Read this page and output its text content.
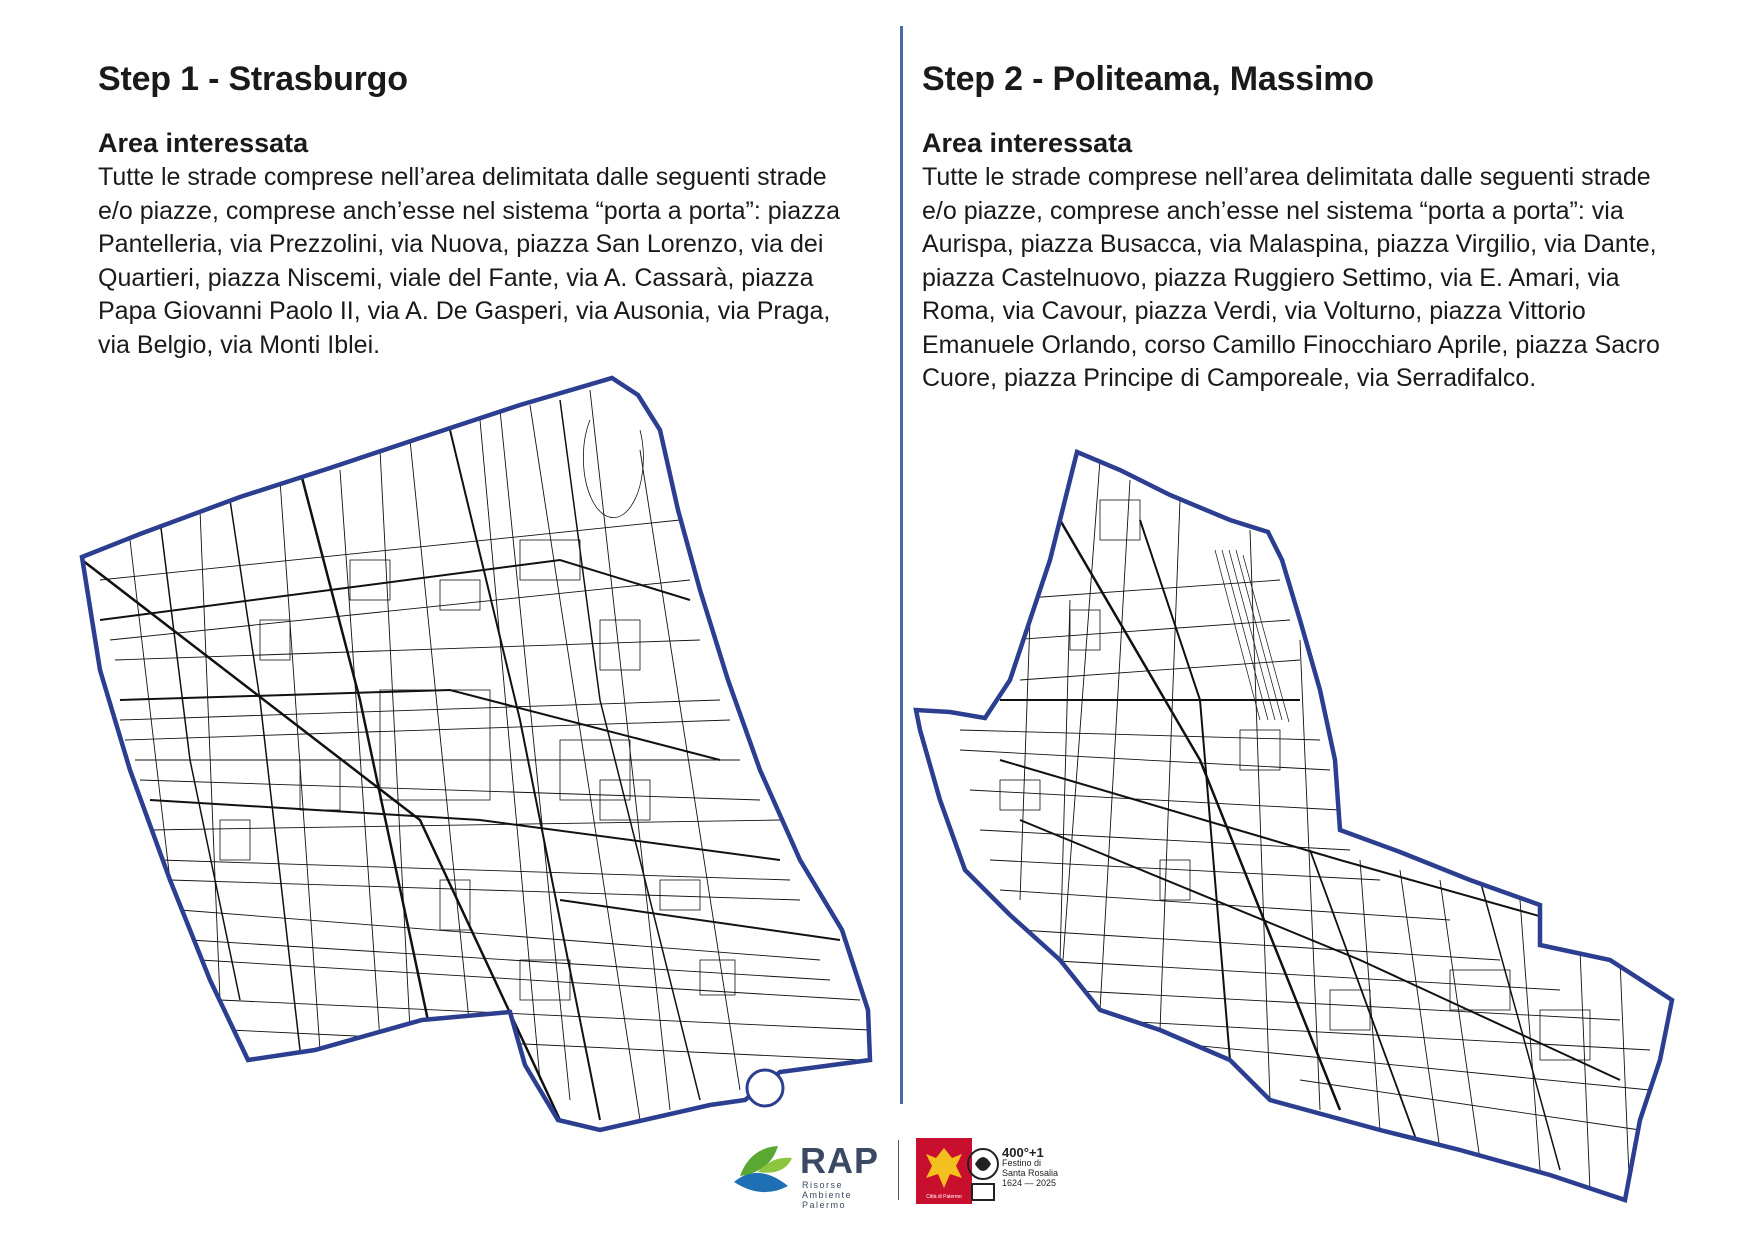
Step 1 - Strasburgo
Area interessata
Tutte le strade comprese nell’area delimitata dalle seguenti strade e/o piazze, comprese anch’esse nel sistema “porta a porta”: piazza Pantelleria, via Prezzolini, via Nuova, piazza San Lorenzo, via dei Quartieri, piazza Niscemi, viale del Fante, via A. Cassarà, piazza Papa Giovanni Paolo II, via A. De Gasperi, via Ausonia, via Praga, via Belgio, via Monti Iblei.
Step 2 - Politeama, Massimo
Area interessata
Tutte le strade comprese nell’area delimitata dalle seguenti strade e/o piazze, comprese anch’esse nel sistema “porta a porta”: via Aurispa, piazza Busacca, via Malaspina, piazza Virgilio, via Dante, piazza Castelnuovo, piazza Ruggiero Settimo, via E. Amari, via Roma, via Cavour, piazza Verdi, via Volturno, piazza Vittorio Emanuele Orlando, corso Camillo Finocchiaro Aprile, piazza Sacro Cuore, piazza Principe di Camporeale, via Serradifalco.
RAP
Risorse Ambiente Palermo
Città di Palermo
400°+1
Festino di Santa Rosalia
1624 — 2025
